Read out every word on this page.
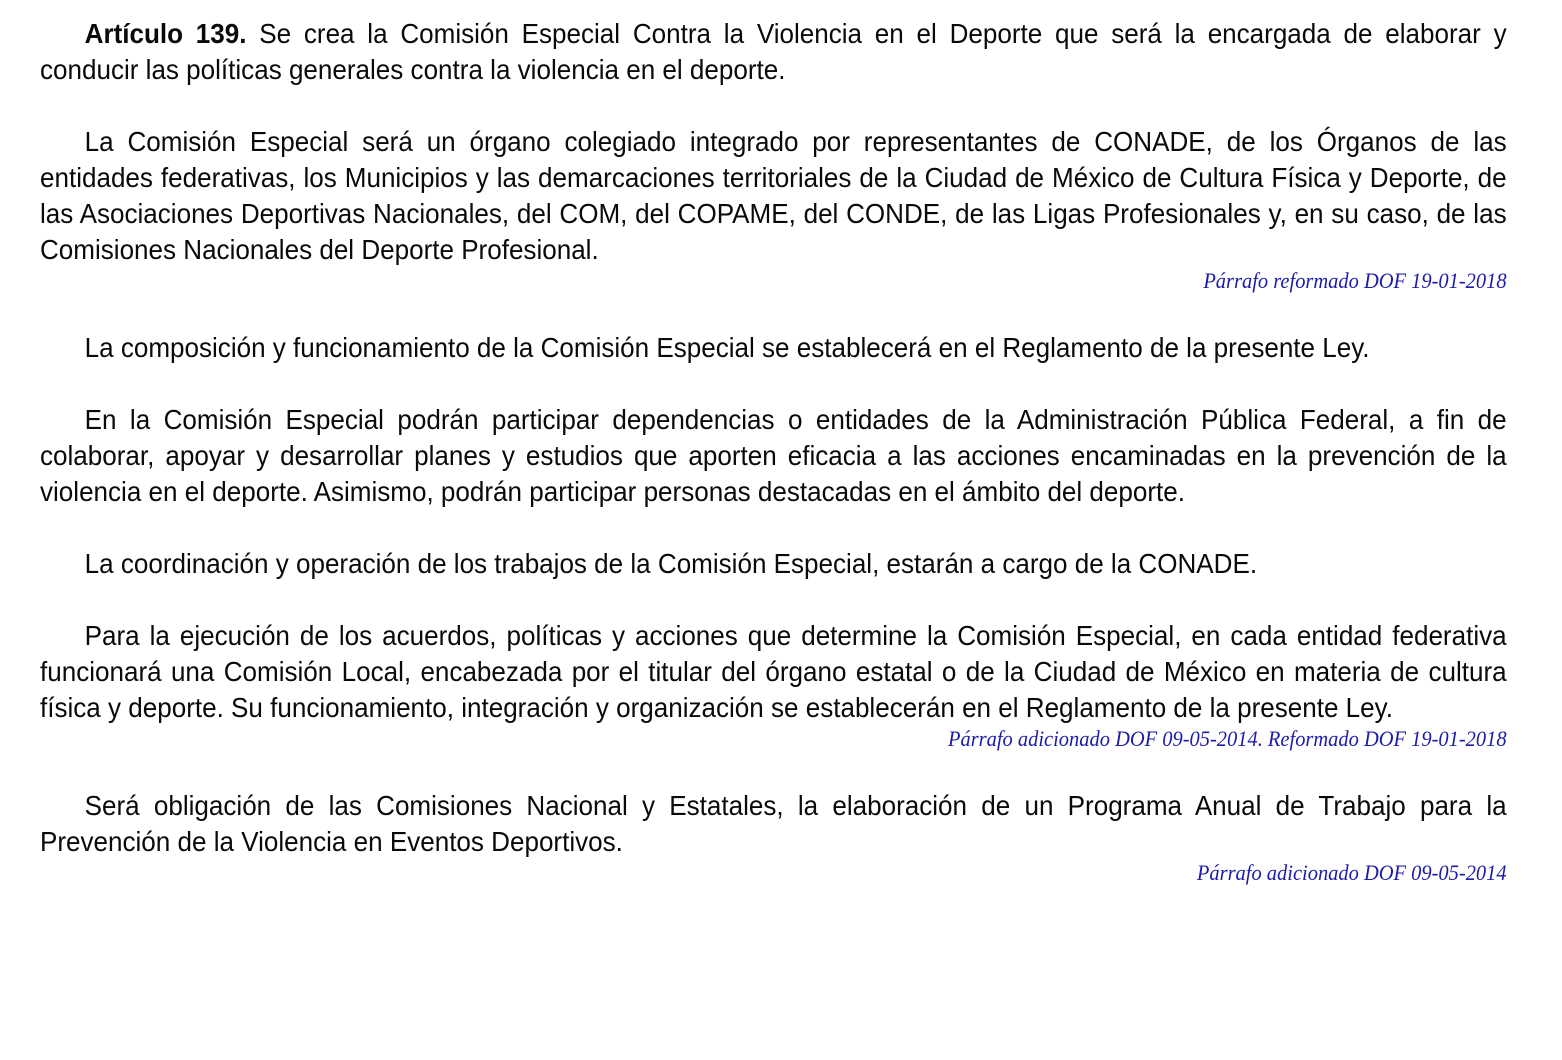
Artículo 139. Se crea la Comisión Especial Contra la Violencia en el Deporte que será la encargada de elaborar y conducir las políticas generales contra la violencia en el deporte.

La Comisión Especial será un órgano colegiado integrado por representantes de CONADE, de los Órganos de las entidades federativas, los Municipios y las demarcaciones territoriales de la Ciudad de México de Cultura Física y Deporte, de las Asociaciones Deportivas Nacionales, del COM, del COPAME, del CONDE, de las Ligas Profesionales y, en su caso, de las Comisiones Nacionales del Deporte Profesional.

Párrafo reformado DOF 19-01-2018

La composición y funcionamiento de la Comisión Especial se establecerá en el Reglamento de la presente Ley.

En la Comisión Especial podrán participar dependencias o entidades de la Administración Pública Federal, a fin de colaborar, apoyar y desarrollar planes y estudios que aporten eficacia a las acciones encaminadas en la prevención de la violencia en el deporte. Asimismo, podrán participar personas destacadas en el ámbito del deporte.

La coordinación y operación de los trabajos de la Comisión Especial, estarán a cargo de la CONADE.

Para la ejecución de los acuerdos, políticas y acciones que determine la Comisión Especial, en cada entidad federativa funcionará una Comisión Local, encabezada por el titular del órgano estatal o de la Ciudad de México en materia de cultura física y deporte. Su funcionamiento, integración y organización se establecerán en el Reglamento de la presente Ley.

Párrafo adicionado DOF 09-05-2014. Reformado DOF 19-01-2018

Será obligación de las Comisiones Nacional y Estatales, la elaboración de un Programa Anual de Trabajo para la Prevención de la Violencia en Eventos Deportivos.

Párrafo adicionado DOF 09-05-2014
